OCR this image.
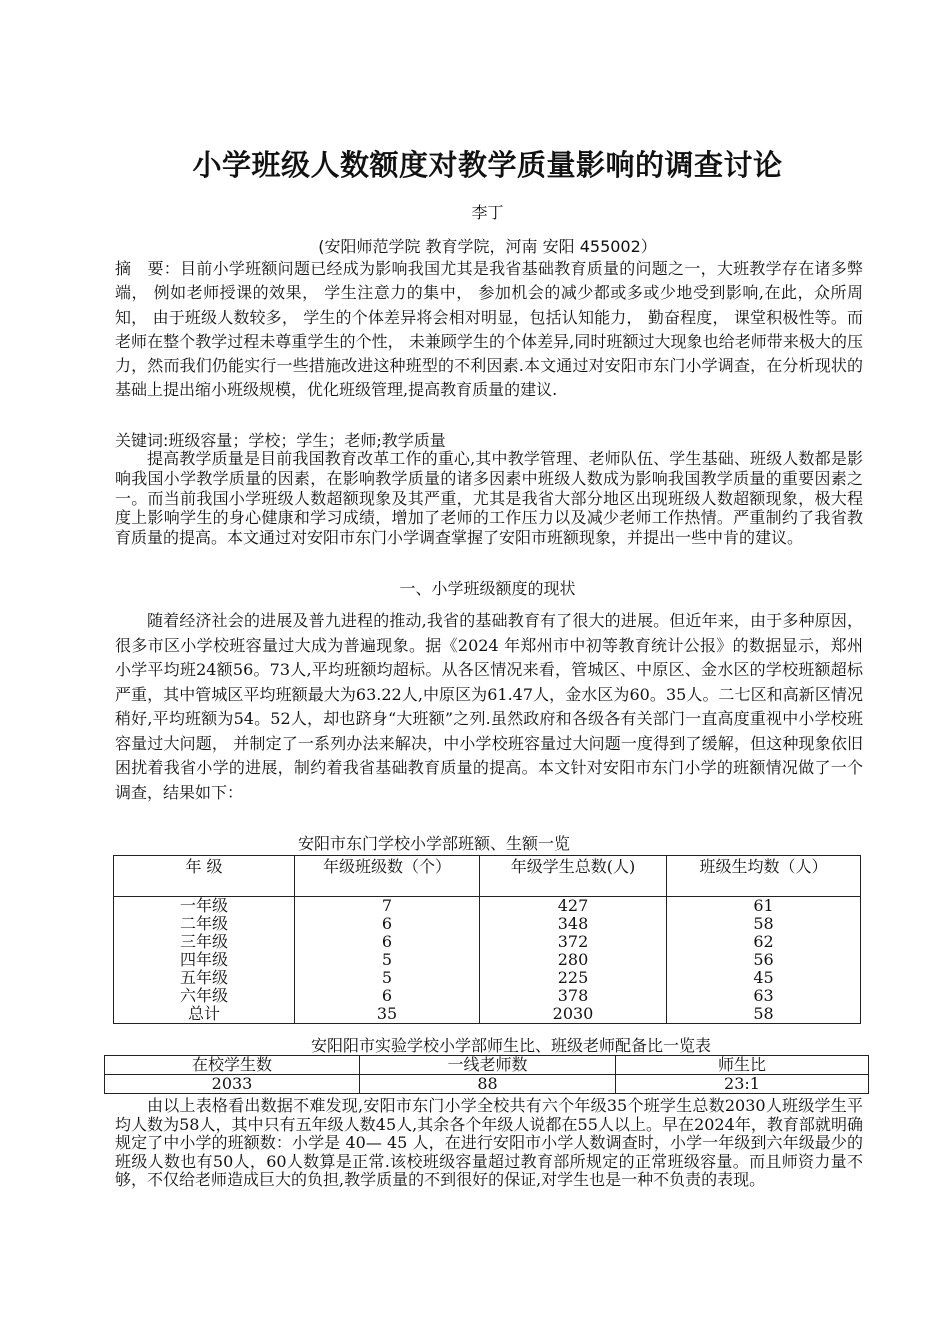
小学班级人数额度对教学质量影响的调查讨论
李丁
(安阳师范学院 教育学院，河南 安阳 455002）

摘　要：目前小学班额问题已经成为影响我国尤其是我省基础教育质量的问题之一，大班教学存在诸多弊端， 例如老师授课的效果， 学生注意力的集中， 参加机会的减少都或多或少地受到影响,在此，众所周知， 由于班级人数较多， 学生的个体差异将会相对明显，包括认知能力， 勤奋程度， 课堂积极性等。而老师在整个教学过程未尊重学生的个性， 未兼顾学生的个体差异,同时班额过大现象也给老师带来极大的压力，然而我们仍能实行一些措施改进这种班型的不利因素.本文通过对安阳市东门小学调查，在分析现状的基础上提出缩小班级规模，优化班级管理,提高教育质量的建议.

关键词:班级容量；学校；学生；老师;教学质量

提高教学质量是目前我国教育改革工作的重心,其中教学管理、老师队伍、学生基础、班级人数都是影响我国小学教学质量的因素，在影响教学质量的诸多因素中班级人数成为影响我国教学质量的重要因素之一。而当前我国小学班级人数超额现象及其严重，尤其是我省大部分地区出现班级人数超额现象，极大程度上影响学生的身心健康和学习成绩，增加了老师的工作压力以及减少老师工作热情。严重制约了我省教育质量的提高。本文通过对安阳市东门小学调查掌握了安阳市班额现象，并提出一些中肯的建议。

一、小学班级额度的现状

随着经济社会的进展及普九进程的推动,我省的基础教育有了很大的进展。但近年来，由于多种原因，很多市区小学校班容量过大成为普遍现象。据《2024 年郑州市中初等教育统计公报》的数据显示，郑州小学平均班24额56。73人,平均班额均超标。从各区情况来看，管城区、中原区、金水区的学校班额超标严重，其中管城区平均班额最大为63.22人,中原区为61.47人，金水区为60。35人。二七区和高新区情况稍好,平均班额为54。52人，却也跻身“大班额”之列.虽然政府和各级各有关部门一直高度重视中小学校班容量过大问题， 并制定了一系列办法来解决，中小学校班容量过大问题一度得到了缓解，但这种现象依旧困扰着我省小学的进展，制约着我省基础教育质量的提高。本文针对安阳市东门小学的班额情况做了一个调查，结果如下：

安阳市东门学校小学部班额、生额一览
年 级	年级班级数（个）	年级学生总数(人)	班级生均数（人）
一年级	7	427	61
二年级	6	348	58
三年级	6	372	62
四年级	5	280	56
五年级	5	225	45
六年级	6	378	63
总计	35	2030	58
安阳阳市实验学校小学部师生比、班级老师配备比一览表
在校学生数	一线老师数	师生比
2033	88	23:1

由以上表格看出数据不难发现,安阳市东门小学全校共有六个年级35个班学生总数2030人班级学生平均人数为58人，其中只有五年级人数45人,其余各个年级人说都在55人以上。早在2024年，教育部就明确规定了中小学的班额数：小学是 40— 45 人，在进行安阳市小学人数调查时，小学一年级到六年级最少的班级人数也有50人，60人数算是正常.该校班级容量超过教育部所规定的正常班级容量。而且师资力量不够，不仅给老师造成巨大的负担,教学质量的不到很好的保证,对学生也是一种不负责的表现。
